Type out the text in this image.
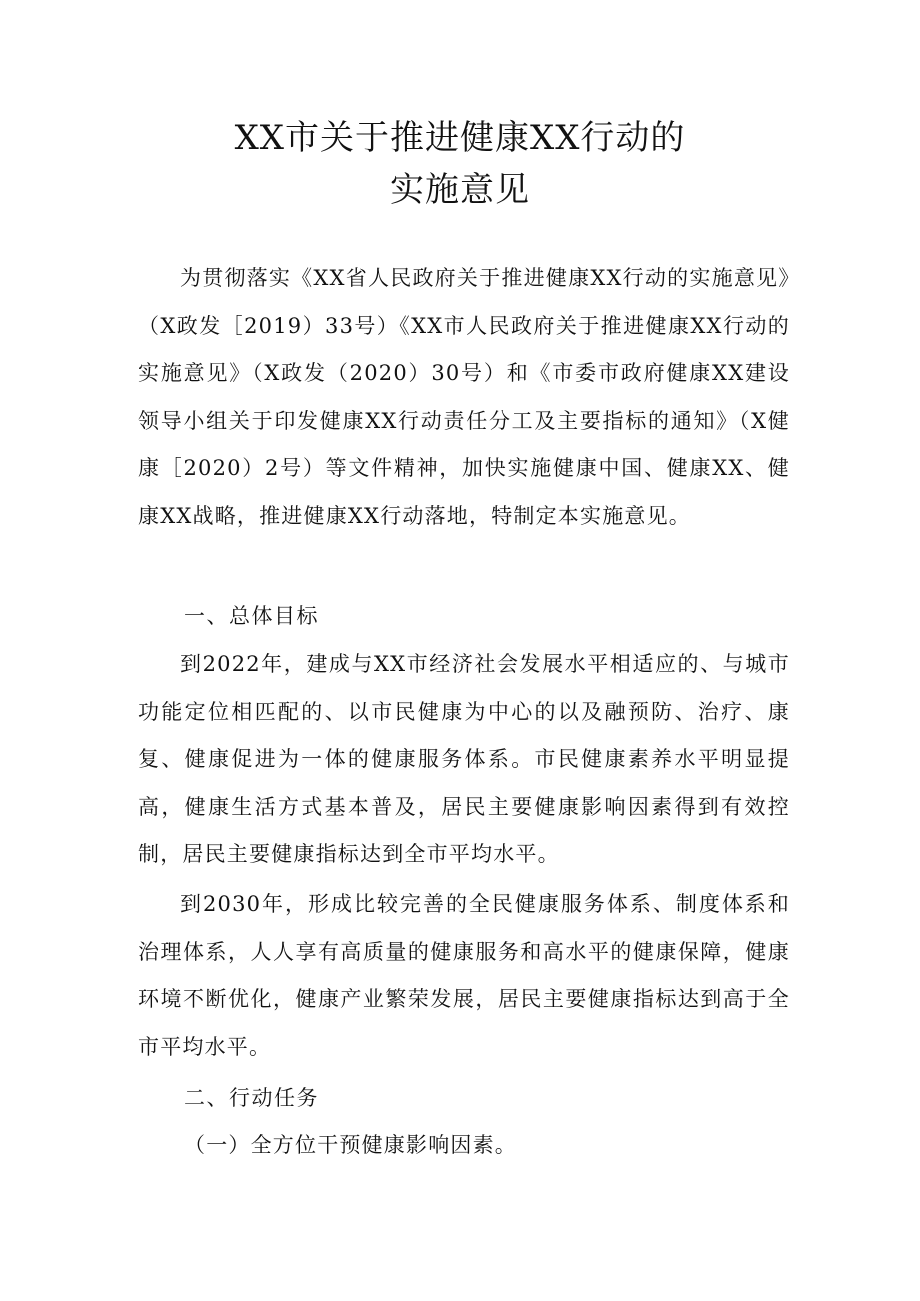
XX市关于推进健康XX行动的
实施意见
为贯彻落实《XX省人民政府关于推进健康XX行动的实施意见》（X政发［2019）33号）《XX市人民政府关于推进健康XX行动的实施意见》（X政发（2020）30号）和《市委市政府健康XX建设领导小组关于印发健康XX行动责任分工及主要指标的通知》（X健康［2020）2号）等文件精神，加快实施健康中国、健康XX、健康XX战略，推进健康XX行动落地，特制定本实施意见。
一、总体目标
到2022年，建成与XX市经济社会发展水平相适应的、与城市功能定位相匹配的、以市民健康为中心的以及融预防、治疗、康复、健康促进为一体的健康服务体系。市民健康素养水平明显提高，健康生活方式基本普及，居民主要健康影响因素得到有效控制，居民主要健康指标达到全市平均水平。
到2030年，形成比较完善的全民健康服务体系、制度体系和治理体系，人人享有高质量的健康服务和高水平的健康保障，健康环境不断优化，健康产业繁荣发展，居民主要健康指标达到高于全市平均水平。
二、行动任务
（一）全方位干预健康影响因素。
